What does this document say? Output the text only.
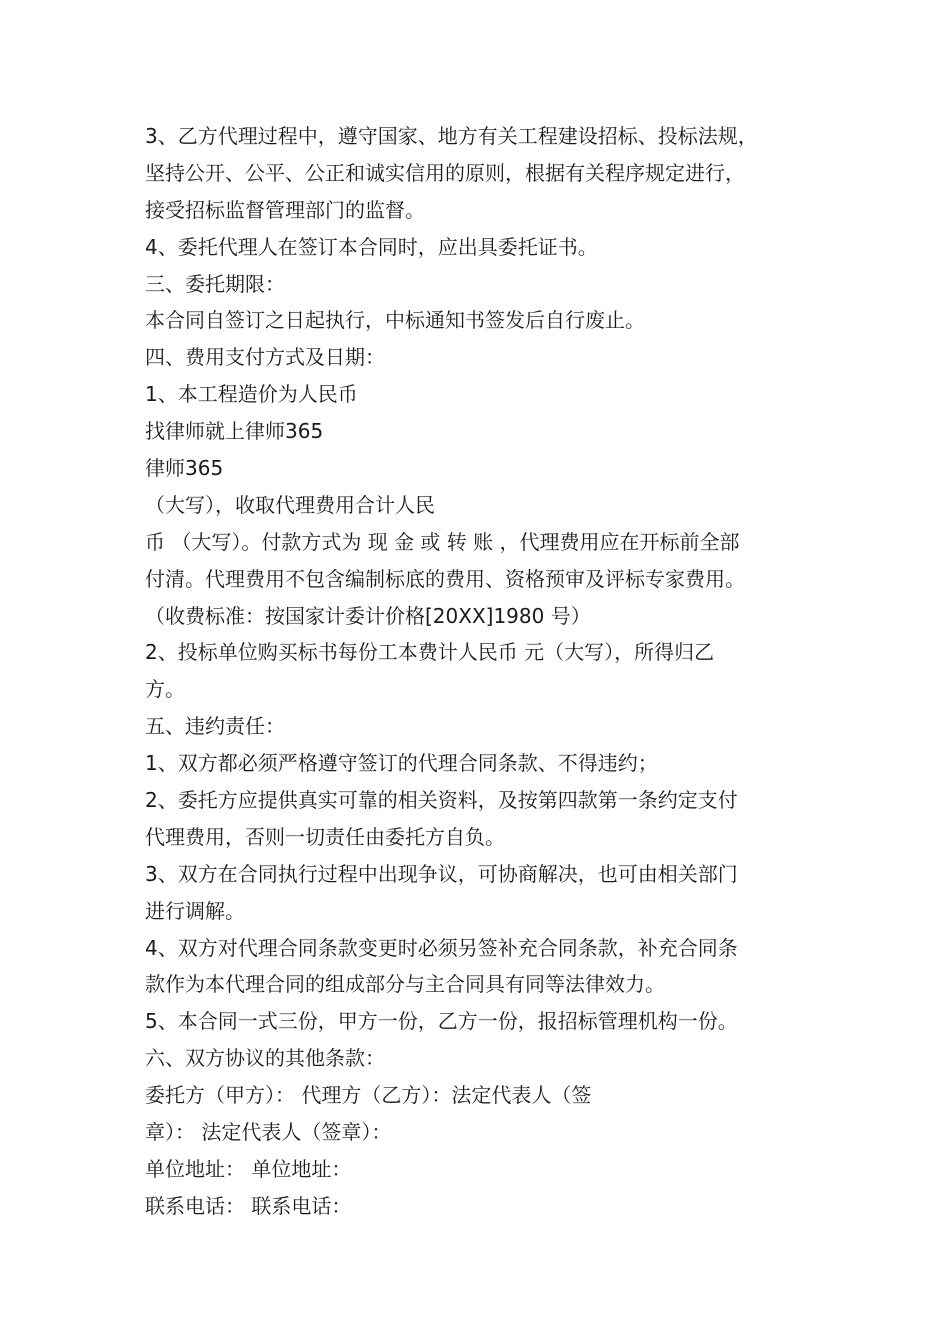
3、乙方代理过程中，遵守国家、地方有关工程建设招标、投标法规，
坚持公开、公平、公正和诚实信用的原则，根据有关程序规定进行，
接受招标监督管理部门的监督。
4、委托代理人在签订本合同时，应出具委托证书。
三、委托期限：
本合同自签订之日起执行，中标通知书签发后自行废止。
四、费用支付方式及日期：
1、本工程造价为人民币
找律师就上律师365
律师365
（大写），收取代理费用合计人民
币 （大写）。付款方式为 现 金 或 转 账 ，代理费用应在开标前全部
付清。代理费用不包含编制标底的费用、资格预审及评标专家费用。
（收费标准：按国家计委计价格[20XX]1980 号）
2、投标单位购买标书每份工本费计人民币 元（大写），所得归乙
方。
五、违约责任：
1、双方都必须严格遵守签订的代理合同条款、不得违约；
2、委托方应提供真实可靠的相关资料，及按第四款第一条约定支付
代理费用，否则一切责任由委托方自负。
3、双方在合同执行过程中出现争议，可协商解决，也可由相关部门
进行调解。
4、双方对代理合同条款变更时必须另签补充合同条款，补充合同条
款作为本代理合同的组成部分与主合同具有同等法律效力。
5、本合同一式三份，甲方一份，乙方一份，报招标管理机构一份。
六、双方协议的其他条款：
委托方（甲方）： 代理方（乙方）：法定代表人（签
章）： 法定代表人（签章）：
单位地址： 单位地址：
联系电话： 联系电话：
